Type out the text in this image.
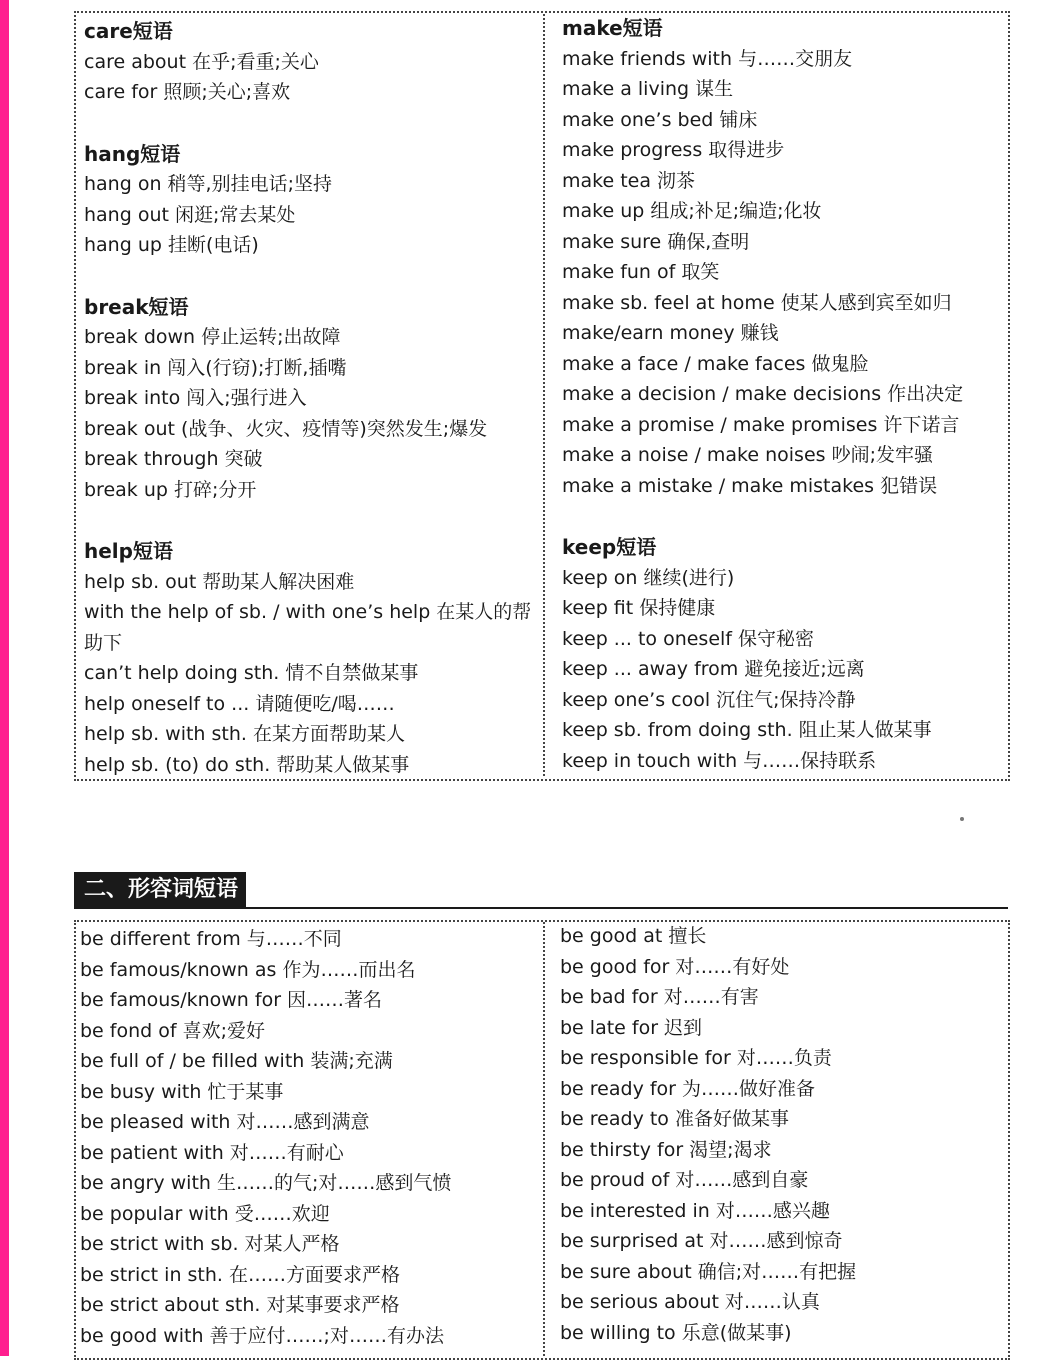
care短语
care about 在乎;看重;关心
care for 照顾;关心;喜欢
hang短语
hang on 稍等,别挂电话;坚持
hang out 闲逛;常去某处
hang up 挂断(电话)
break短语
break down 停止运转;出故障
break in 闯入(行窃);打断,插嘴
break into 闯入;强行进入
break out (战争、火灾、疫情等)突然发生;爆发
break through 突破
break up 打碎;分开
help短语
help sb. out 帮助某人解决困难
with the help of sb. / with one’s help 在某人的帮助下
can’t help doing sth. 情不自禁做某事
help oneself to ... 请随便吃/喝……
help sb. with sth. 在某方面帮助某人
help sb. (to) do sth. 帮助某人做某事
make短语
make friends with 与……交朋友
make a living 谋生
make one’s bed 铺床
make progress 取得进步
make tea 沏茶
make up 组成;补足;编造;化妆
make sure 确保,查明
make fun of 取笑
make sb. feel at home 使某人感到宾至如归
make/earn money 赚钱
make a face / make faces 做鬼脸
make a decision / make decisions 作出决定
make a promise / make promises 许下诺言
make a noise / make noises 吵闹;发牢骚
make a mistake / make mistakes 犯错误
keep短语
keep on 继续(进行)
keep fit 保持健康
keep ... to oneself 保守秘密
keep ... away from 避免接近;远离
keep one’s cool 沉住气;保持冷静
keep sb. from doing sth. 阻止某人做某事
keep in touch with 与……保持联系
二、形容词短语
be different from 与……不同
be famous/known as 作为……而出名
be famous/known for 因……著名
be fond of 喜欢;爱好
be full of / be filled with 装满;充满
be busy with 忙于某事
be pleased with 对……感到满意
be patient with 对……有耐心
be angry with 生……的气;对……感到气愤
be popular with 受……欢迎
be strict with sb. 对某人严格
be strict in sth. 在……方面要求严格
be strict about sth. 对某事要求严格
be good with 善于应付……;对……有办法
be good at 擅长
be good for 对……有好处
be bad for 对……有害
be late for 迟到
be responsible for 对……负责
be ready for 为……做好准备
be ready to 准备好做某事
be thirsty for 渴望;渴求
be proud of 对……感到自豪
be interested in 对……感兴趣
be surprised at 对……感到惊奇
be sure about 确信;对……有把握
be serious about 对……认真
be willing to 乐意(做某事)
